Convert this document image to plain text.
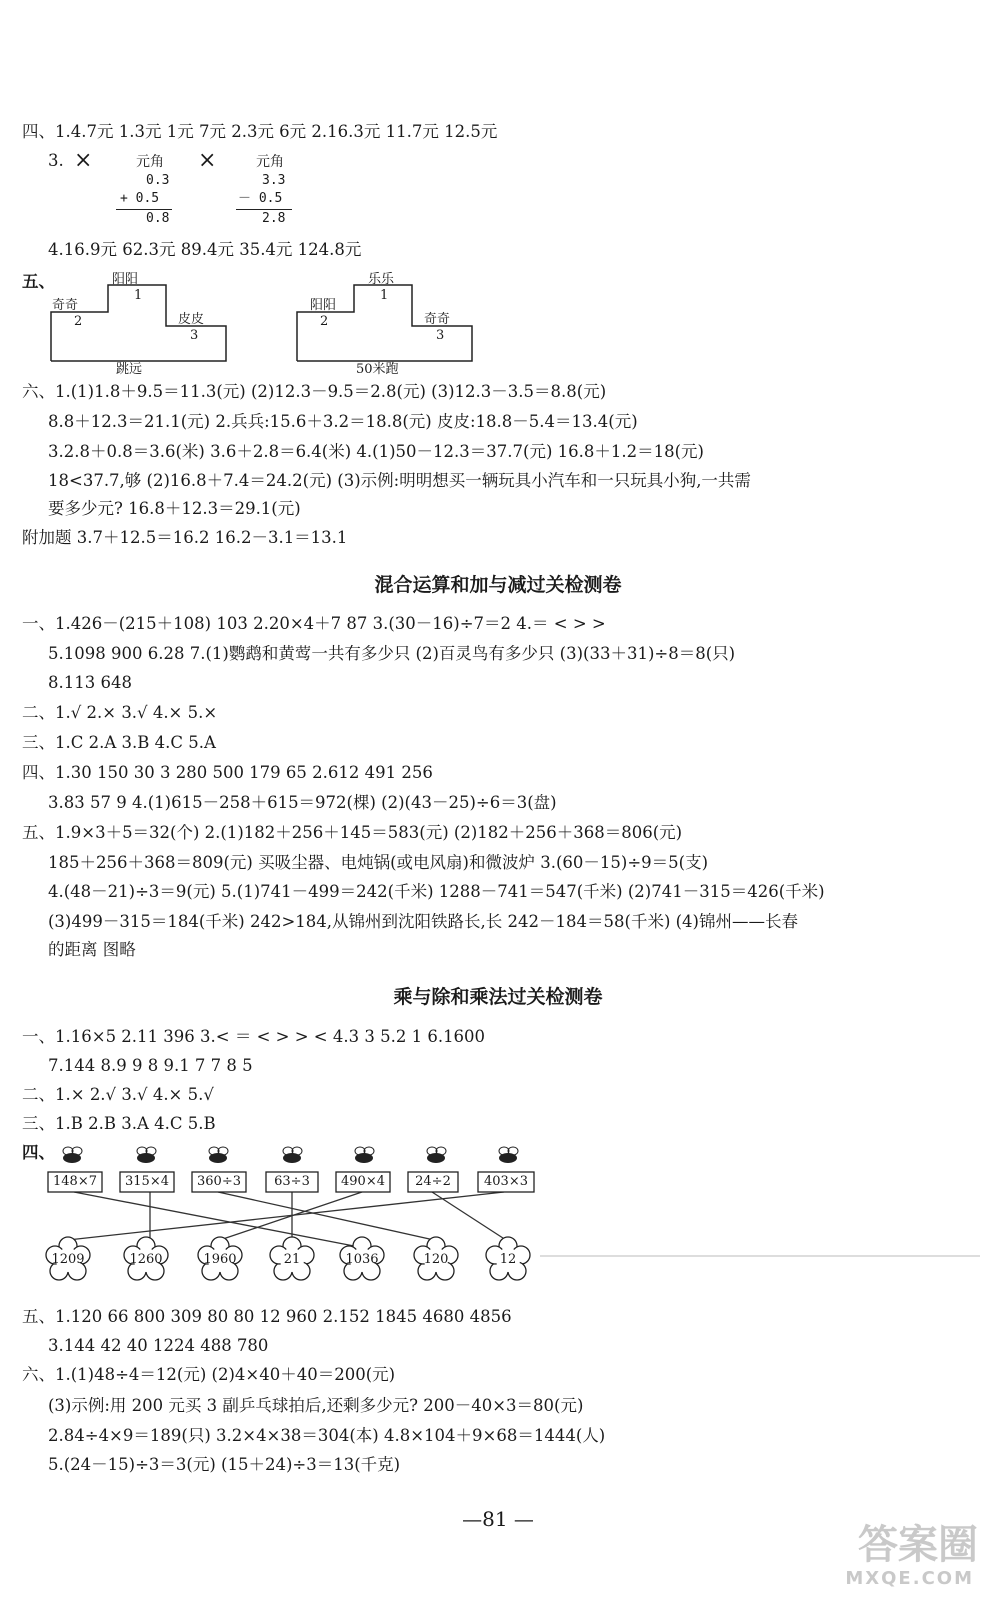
四、1.4.7元 1.3元 1元 7元 2.3元 6元 2.16.3元 11.7元 12.5元
3. ×	元角 ×	元角
0.3
+ 0.5
0.8
3.3
－ 0.5
2.8
4.16.9元 62.3元 89.4元 35.4元 124.8元
五、	阳阳
1
奇奇
2	皮皮
3
跳远
乐乐
1
阳阳
2	奇奇
3
50米跑
六、1.(1)1.8＋9.5＝11.3(元) (2)12.3－9.5＝2.8(元) (3)12.3－3.5＝8.8(元)
8.8＋12.3＝21.1(元) 2.兵兵:15.6＋3.2＝18.8(元) 皮皮:18.8－5.4＝13.4(元)
3.2.8＋0.8＝3.6(米) 3.6＋2.8＝6.4(米) 4.(1)50－12.3＝37.7(元) 16.8＋1.2＝18(元)
18<37.7,够 (2)16.8＋7.4＝24.2(元) (3)示例:明明想买一辆玩具小汽车和一只玩具小狗,一共需
要多少元? 16.8＋12.3＝29.1(元)
附加题 3.7＋12.5＝16.2 16.2－3.1＝13.1
混合运算和加与减过关检测卷
一、1.426－(215＋108) 103 2.20×4＋7 87 3.(30－16)÷7＝2 4.＝ < > >
5.1098 900 6.28 7.(1)鹦鹉和黄莺一共有多少只 (2)百灵鸟有多少只 (3)(33＋31)÷8＝8(只)
8.113 648
二、1.√ 2.× 3.√ 4.× 5.×
三、1.C 2.A 3.B 4.C 5.A
四、1.30 150 30 3 280 500 179 65 2.612 491 256
3.83 57 9 4.(1)615－258＋615＝972(棵) (2)(43－25)÷6＝3(盘)
五、1.9×3＋5＝32(个) 2.(1)182＋256＋145＝583(元) (2)182＋256＋368＝806(元)
185＋256＋368＝809(元) 买吸尘器、电炖锅(或电风扇)和微波炉 3.(60－15)÷9＝5(支)
4.(48－21)÷3＝9(元) 5.(1)741－499＝242(千米) 1288－741＝547(千米) (2)741－315＝426(千米)
(3)499－315＝184(千米) 242>184,从锦州到沈阳铁路长,长 242－184＝58(千米) (4)锦州——长春
的距离 图略
乘与除和乘法过关检测卷
一、1.16×5 2.11 396 3.< ＝ < > > < 4.3 3 5.2 1 6.1600
7.144 8.9 9 8 9.1 7 7 8 5
二、1.× 2.√ 3.√ 4.× 5.√
三、1.B 2.B 3.A 4.C 5.B
四、
148×7 315×4 360÷3	63÷3	490×4	24÷2	403×3
1209	1260	1960	21	1036	120	12
五、1.120 66 800 309 80 80 12 960 2.152 1845 4680 4856
3.144 42 40 1224 488 780
六、1.(1)48÷4＝12(元) (2)4×40＋40＝200(元)
(3)示例:用 200 元买 3 副乒乓球拍后,还剩多少元? 200－40×3＝80(元)
2.84÷4×9＝189(只) 3.2×4×38＝304(本) 4.8×104＋9×68＝1444(人)
5.(24－15)÷3＝3(元) (15＋24)÷3＝13(千克)
—81 —
答案圈
MXQE.COM
